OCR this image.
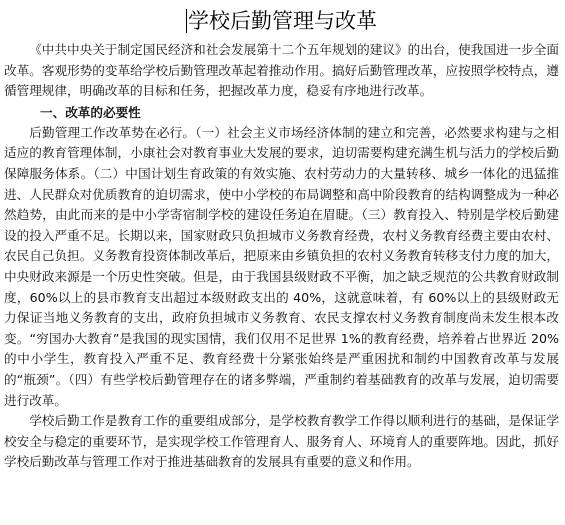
学校后勤管理与改革

《中共中央关于制定国民经济和社会发展第十二个五年规划的建议》的出台，使我国进一步全面改革。客观形势的变革给学校后勤管理改革起着推动作用。搞好后勤管理改革，应按照学校特点，遵循管理规律，明确改革的目标和任务，把握改革力度，稳妥有序地进行改革。

一、改革的必要性

后勤管理工作改革势在必行。（一）社会主义市场经济体制的建立和完善，必然要求构建与之相适应的教育管理体制，小康社会对教育事业大发展的要求，迫切需要构建充满生机与活力的学校后勤保障服务体系。（二）中国计划生育政策的有效实施、农村劳动力的大量转移、城乡一体化的迅猛推进、人民群众对优质教育的迫切需求，使中小学校的布局调整和高中阶段教育的结构调整成为一种必然趋势，由此而来的是中小学寄宿制学校的建设任务迫在眉睫。（三）教育投入、特别是学校后勤建设的投入严重不足。长期以来，国家财政只负担城市义务教育经费，农村义务教育经费主要由农村、农民自己负担。义务教育投资体制改革后，把原来由乡镇负担的农村义务教育转移支付力度的加大，中央财政来源是一个历史性突破。但是，由于我国县级财政不平衡，加之缺乏规范的公共教育财政制度，60%以上的县市教育支出超过本级财政支出的 40%，这就意味着，有 60%以上的县级财政无力保证当地义务教育的支出，政府负担城市义务教育、农民支撑农村义务教育制度尚未发生根本改变。“穷国办大教育”是我国的现实国情，我们仅用不足世界 1%的教育经费，培养着占世界近 20%的中小学生，教育投入严重不足、教育经费十分紧张始终是严重困扰和制约中国教育改革与发展的“瓶颈”。（四）有些学校后勤管理存在的诸多弊端，严重制约着基础教育的改革与发展，迫切需要进行改革。

学校后勤工作是教育工作的重要组成部分，是学校教育教学工作得以顺利进行的基础，是保证学校安全与稳定的重要环节，是实现学校工作管理育人、服务育人、环境育人的重要阵地。因此，抓好学校后勤改革与管理工作对于推进基础教育的发展具有重要的意义和作用。
